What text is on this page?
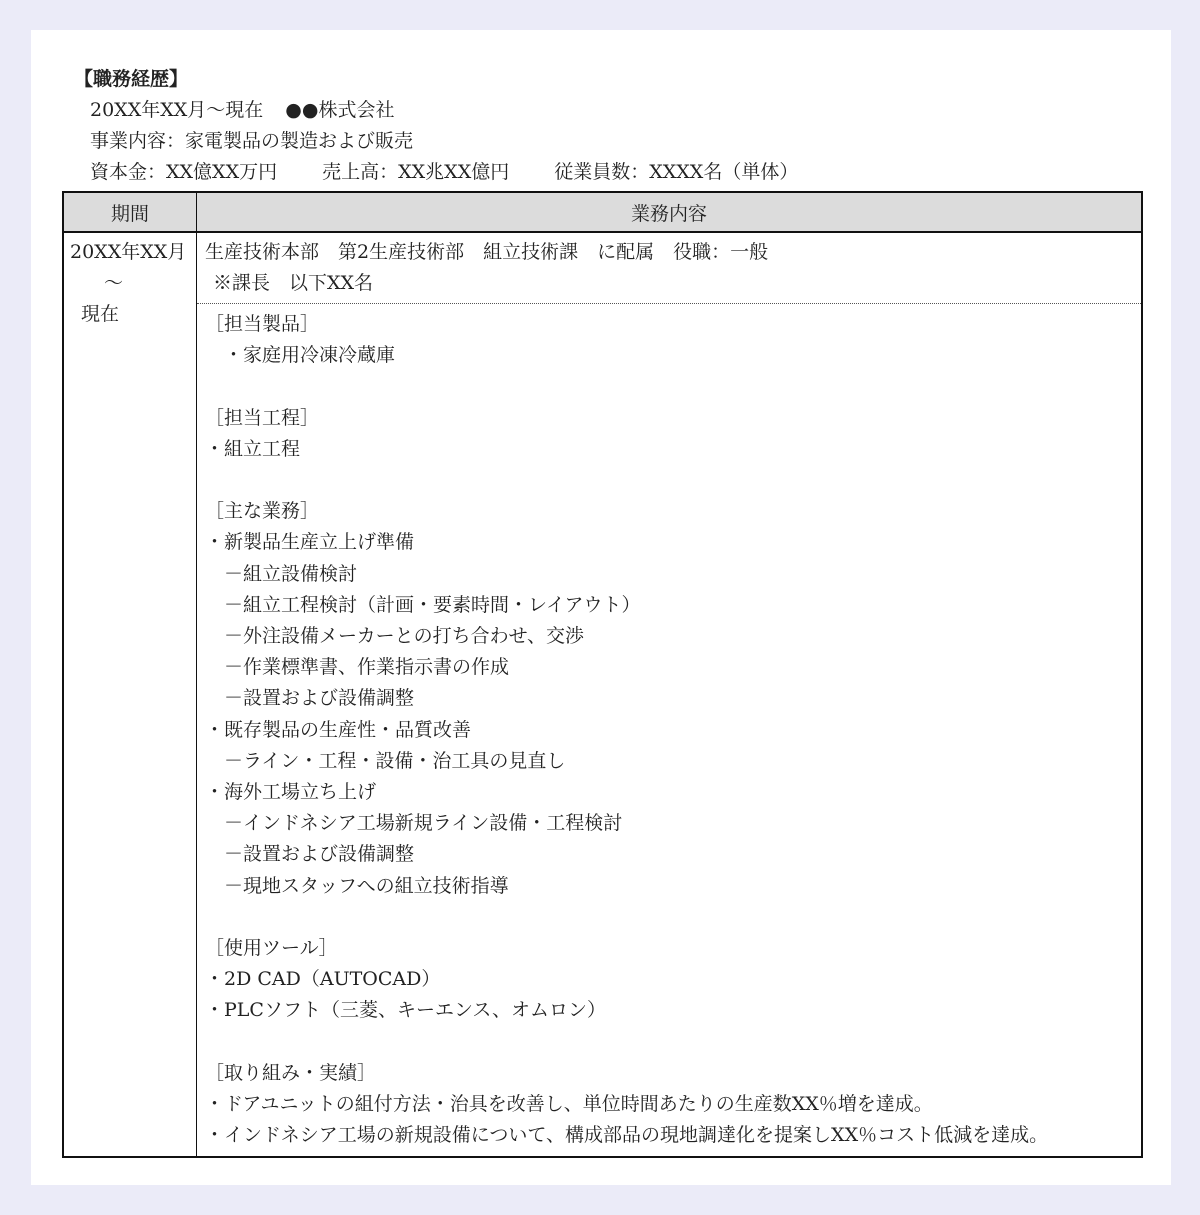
【職務経歴】
20XX年XX月～現在 ●●株式会社
事業内容：家電製品の製造および販売
資本金：XX億XX万円 売上高：XX兆XX億円 従業員数：XXXX名（単体）
期間	業務内容
20XX年XX月
～
現在
生産技術本部　第2生産技術部　組立技術課　に配属　役職：一般
※課長　以下XX名
［担当製品］
・家庭用冷凍冷蔵庫
［担当工程］
・組立工程
［主な業務］
・新製品生産立上げ準備
－組立設備検討
－組立工程検討（計画・要素時間・レイアウト）
－外注設備メーカーとの打ち合わせ、交渉
－作業標準書、作業指示書の作成
－設置および設備調整
・既存製品の生産性・品質改善
－ライン・工程・設備・治工具の見直し
・海外工場立ち上げ
－インドネシア工場新規ライン設備・工程検討
－設置および設備調整
－現地スタッフへの組立技術指導
［使用ツール］
・2D CAD（AUTOCAD）
・PLCソフト（三菱、キーエンス、オムロン）
［取り組み・実績］
・ドアユニットの組付方法・治具を改善し、単位時間あたりの生産数XX％増を達成。
・インドネシア工場の新規設備について、構成部品の現地調達化を提案しXX％コスト低減を達成。
